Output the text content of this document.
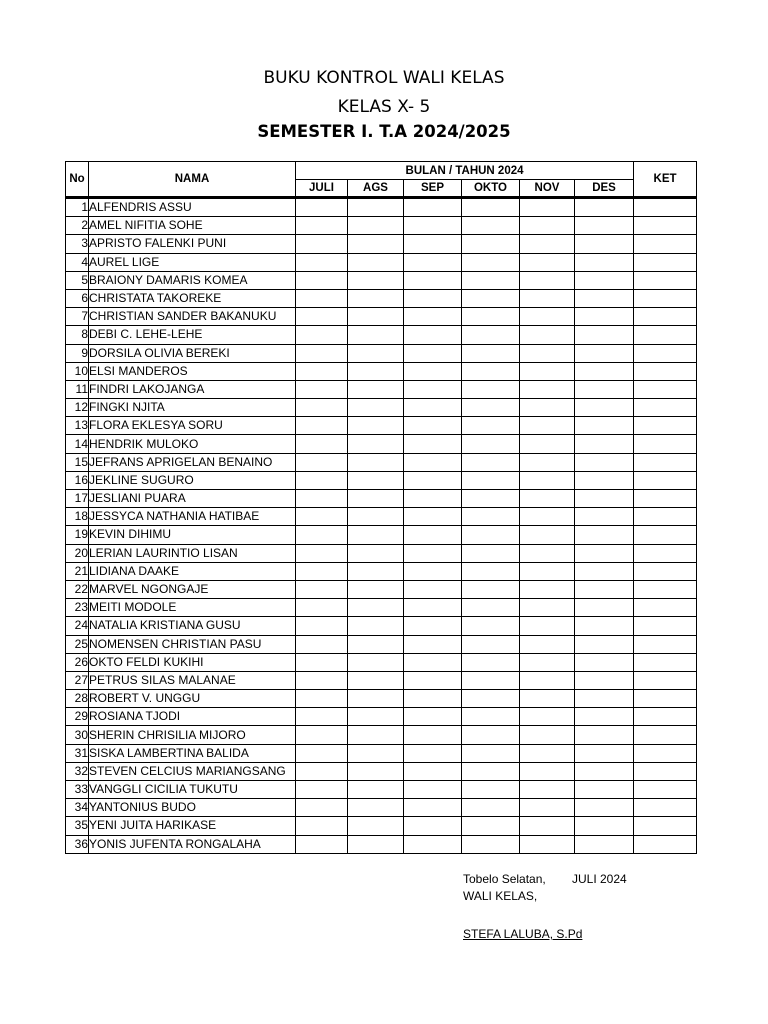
BUKU KONTROL WALI KELAS
KELAS X- 5
SEMESTER I. T.A 2024/2025
No	NAMA	BULAN / TAHUN 2024						KET
		JULI	AGS	SEP	OKTO	NOV	DES	

1	ALFENDRIS ASSU							
2	AMEL NIFITIA SOHE							
3	APRISTO FALENKI PUNI							
4	AUREL LIGE							
5	BRAIONY DAMARIS KOMEA							
6	CHRISTATA TAKOREKE							
7	CHRISTIAN SANDER BAKANUKU							
8	DEBI C. LEHE-LEHE							
9	DORSILA OLIVIA BEREKI							
10	ELSI MANDEROS							
11	FINDRI LAKOJANGA							
12	FINGKI NJITA							
13	FLORA EKLESYA SORU							
14	HENDRIK MULOKO							
15	JEFRANS APRIGELAN BENAINO							
16	JEKLINE SUGURO							
17	JESLIANI PUARA							
18	JESSYCA NATHANIA HATIBAE							
19	KEVIN DIHIMU							
20	LERIAN LAURINTIO LISAN							
21	LIDIANA DAAKE							
22	MARVEL NGONGAJE							
23	MEITI MODOLE							
24	NATALIA KRISTIANA GUSU							
25	NOMENSEN CHRISTIAN PASU							
26	OKTO FELDI KUKIHI							
27	PETRUS SILAS MALANAE							
28	ROBERT V. UNGGU							
29	ROSIANA TJODI							
30	SHERIN CHRISILIA MIJORO							
31	SISKA LAMBERTINA BALIDA							
32	STEVEN CELCIUS MARIANGSANG							
33	VANGGLI CICILIA TUKUTU							
34	YANTONIUS BUDO							
35	YENI JUITA HARIKASE							
36	YONIS JUFENTA RONGALAHA							
Tobelo Selatan, JULI 2024
WALI KELAS,
STEFA LALUBA, S.Pd
